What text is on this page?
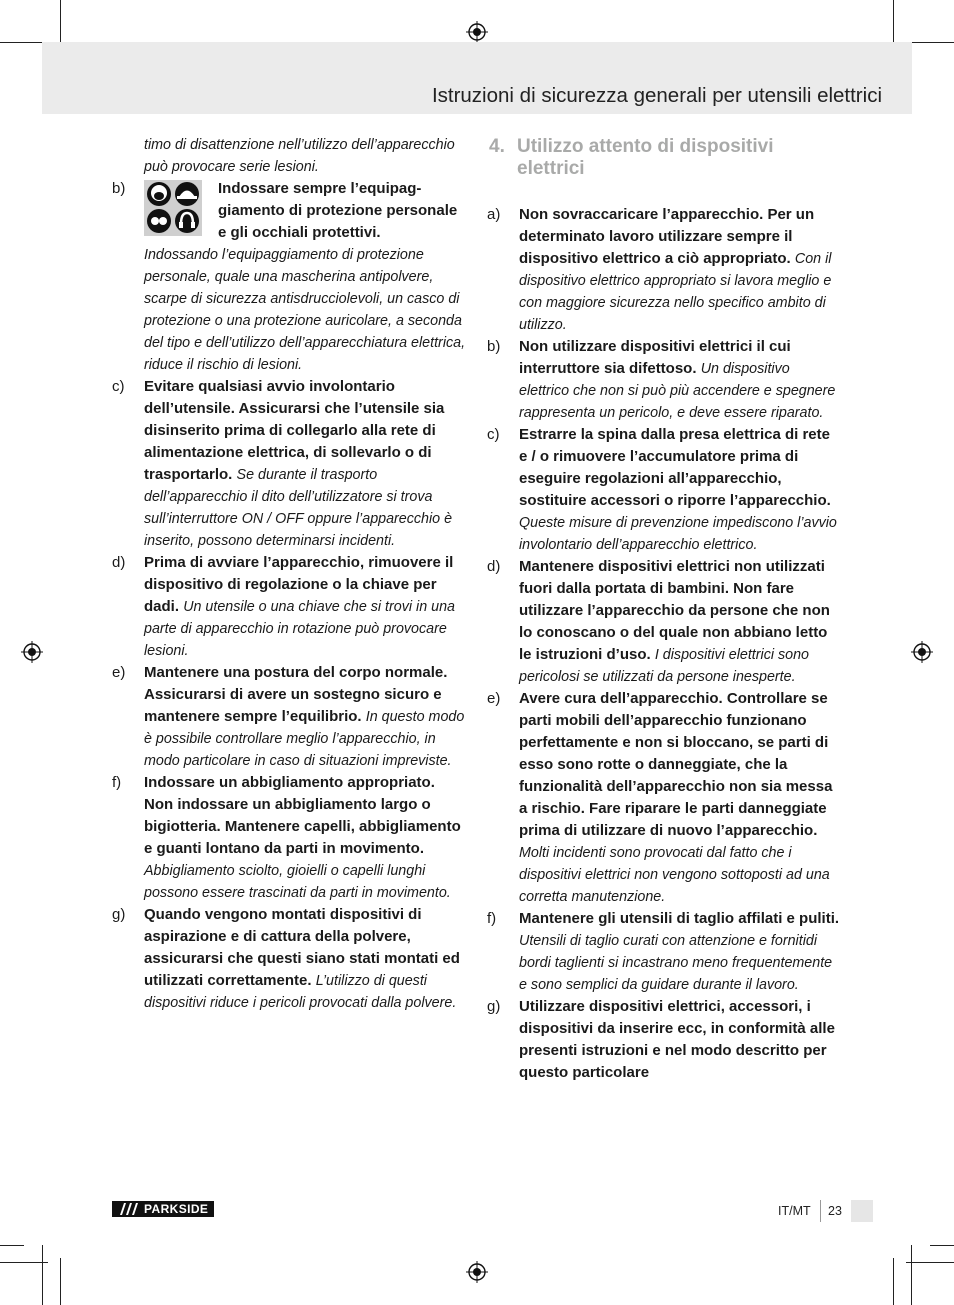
Istruzioni di sicurezza generali per utensili elettrici
timo di disattenzione nell’utilizzo dell’apparecchio può provocare serie lesioni.
b)	Indossare sempre l’equipaggiamento di protezione personale e gli occhiali protettivi.
Indossando l’equipaggiamento di protezione personale, quale una mascherina antipolvere, scarpe di sicurezza antisdrucciolevoli, un casco di protezione o una protezione auricolare, a seconda del tipo e dell’utilizzo dell’apparecchiatura elettrica, riduce il rischio di lesioni.
c) Evitare qualsiasi avvio involontario dell’utensile. Assicurarsi che l’utensile sia disinserito prima di collegarlo alla rete di alimentazione elettrica, di sollevarlo o di trasportarlo. Se durante il trasporto dell’apparecchio il dito dell’utilizzatore si trova sull’interruttore ON / OFF oppure l’apparecchio è inserito, possono determinarsi incidenti.
d) Prima di avviare l’apparecchio, rimuovere il dispositivo di regolazione o la chiave per dadi. Un utensile o una chiave che si trovi in una parte di apparecchio in rotazione può provocare lesioni.
e) Mantenere una postura del corpo normale. Assicurarsi di avere un sostegno sicuro e mantenere sempre l’equilibrio. In questo modo è possibile controllare meglio l’apparecchio, in modo particolare in caso di situazioni impreviste.
f) Indossare un abbigliamento appropriato. Non indossare un abbigliamento largo o bigiotteria. Mantenere capelli, abbigliamento e guanti lontano da parti in movimento. Abbigliamento sciolto, gioielli o capelli lunghi possono essere trascinati da parti in movimento.
g) Quando vengono montati dispositivi di aspirazione e di cattura della polvere, assicurarsi che questi siano stati montati ed utilizzati correttamente. L’utilizzo di questi dispositivi riduce i pericoli provocati dalla polvere.
4. Utilizzo attento di dispositivi elettrici
a) Non sovraccaricare l’apparecchio. Per un determinato lavoro utilizzare sempre il dispositivo elettrico a ciò appropriato. Con il dispositivo elettrico appropriato si lavora meglio e con maggiore sicurezza nello specifico ambito di utilizzo.
b) Non utilizzare dispositivi elettrici il cui interruttore sia difettoso. Un dispositivo elettrico che non si può più accendere e spegnere rappresenta un pericolo, e deve essere riparato.
c) Estrarre la spina dalla presa elettrica di rete e / o rimuovere l’accumulatore prima di eseguire regolazioni all’apparecchio, sostituire accessori o riporre l’apparecchio. Queste misure di prevenzione impediscono l’avvio involontario dell’apparecchio elettrico.
d) Mantenere dispositivi elettrici non utilizzati fuori dalla portata di bambini. Non fare utilizzare l’apparecchio da persone che non lo conoscano o del quale non abbiano letto le istruzioni d’uso. I dispositivi elettrici sono pericolosi se utilizzati da persone inesperte.
e) Avere cura dell’apparecchio. Controllare se parti mobili dell’apparecchio funzionano perfettamente e non si bloccano, se parti di esso sono rotte o danneggiate, che la funzionalità dell’apparecchio non sia messa a rischio. Fare riparare le parti danneggiate prima di utilizzare di nuovo l’apparecchio. Molti incidenti sono provocati dal fatto che i dispositivi elettrici non vengono sottoposti ad una corretta manutenzione.
f) Mantenere gli utensili di taglio affilati e puliti. Utensili di taglio curati con attenzione e fornitidi bordi taglienti si incastrano meno frequentemente e sono semplici da guidare durante il lavoro.
g) Utilizzare dispositivi elettrici, accessori, i dispositivi da inserire ecc, in conformità alle presenti istruzioni e nel modo descritto per questo particolare
PARKSIDE	IT/MT 23
